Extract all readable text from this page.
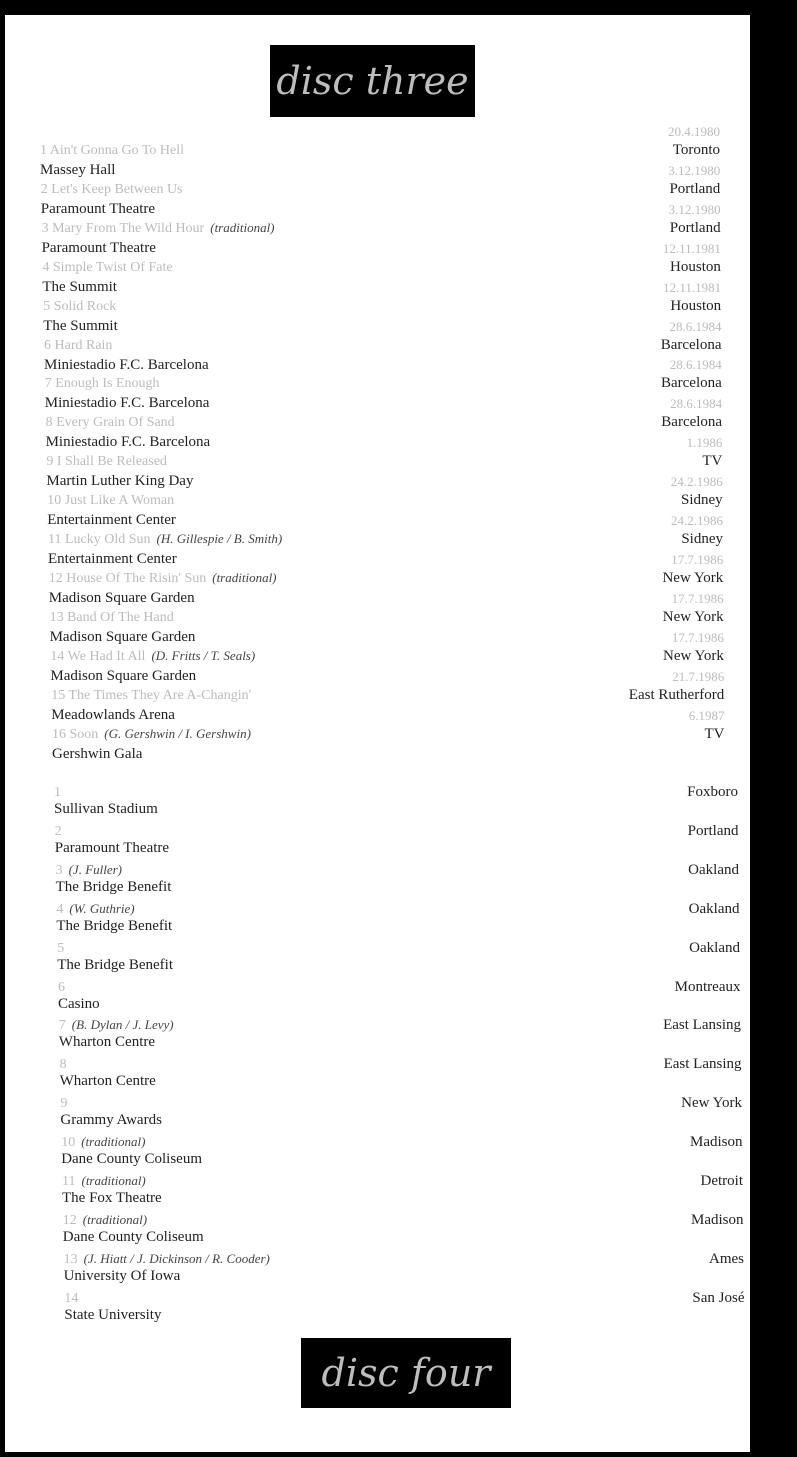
disc three
1 Ain't Gonna Go To Hell
Massey Hall
20.4.1980
Toronto
2 Let's Keep Between Us
Paramount Theatre
3.12.1980
Portland
3 Mary From The Wild Hour (traditional)
Paramount Theatre
3.12.1980
Portland
4 Simple Twist Of Fate
The Summit
12.11.1981
Houston
5 Solid Rock
The Summit
12.11.1981
Houston
6 Hard Rain
Miniestadio F.C. Barcelona
28.6.1984
Barcelona
7 Enough Is Enough
Miniestadio F.C. Barcelona
28.6.1984
Barcelona
8 Every Grain Of Sand
Miniestadio F.C. Barcelona
28.6.1984
Barcelona
9 I Shall Be Released
Martin Luther King Day
1.1986
TV
10 Just Like A Woman
Entertainment Center
24.2.1986
Sidney
11 Lucky Old Sun (H. Gillespie / B. Smith)
Entertainment Center
24.2.1986
Sidney
12 House Of The Risin' Sun (traditional)
Madison Square Garden
17.7.1986
New York
13 Band Of The Hand
Madison Square Garden
17.7.1986
New York
14 We Had It All (D. Fritts / T. Seals)
Madison Square Garden
17.7.1986
New York
15 The Times They Are A-Changin'
Meadowlands Arena
21.7.1986
East Rutherford
16 Soon (G. Gershwin / I. Gershwin)
Gershwin Gala
6.1987
TV
1
Sullivan Stadium
Foxboro
2
Paramount Theatre
Portland
3 (J. Fuller)
The Bridge Benefit
Oakland
4 (W. Guthrie)
The Bridge Benefit
Oakland
5
The Bridge Benefit
Oakland
6
Casino
Montreaux
7 (B. Dylan / J. Levy)
Wharton Centre
East Lansing
8
Wharton Centre
East Lansing
9
Grammy Awards
New York
10 (traditional)
Dane County Coliseum
Madison
11 (traditional)
The Fox Theatre
Detroit
12 (traditional)
Dane County Coliseum
Madison
13 (J. Hiatt / J. Dickinson / R. Cooder)
University Of Iowa
Ames
14
State University
San José
disc four
